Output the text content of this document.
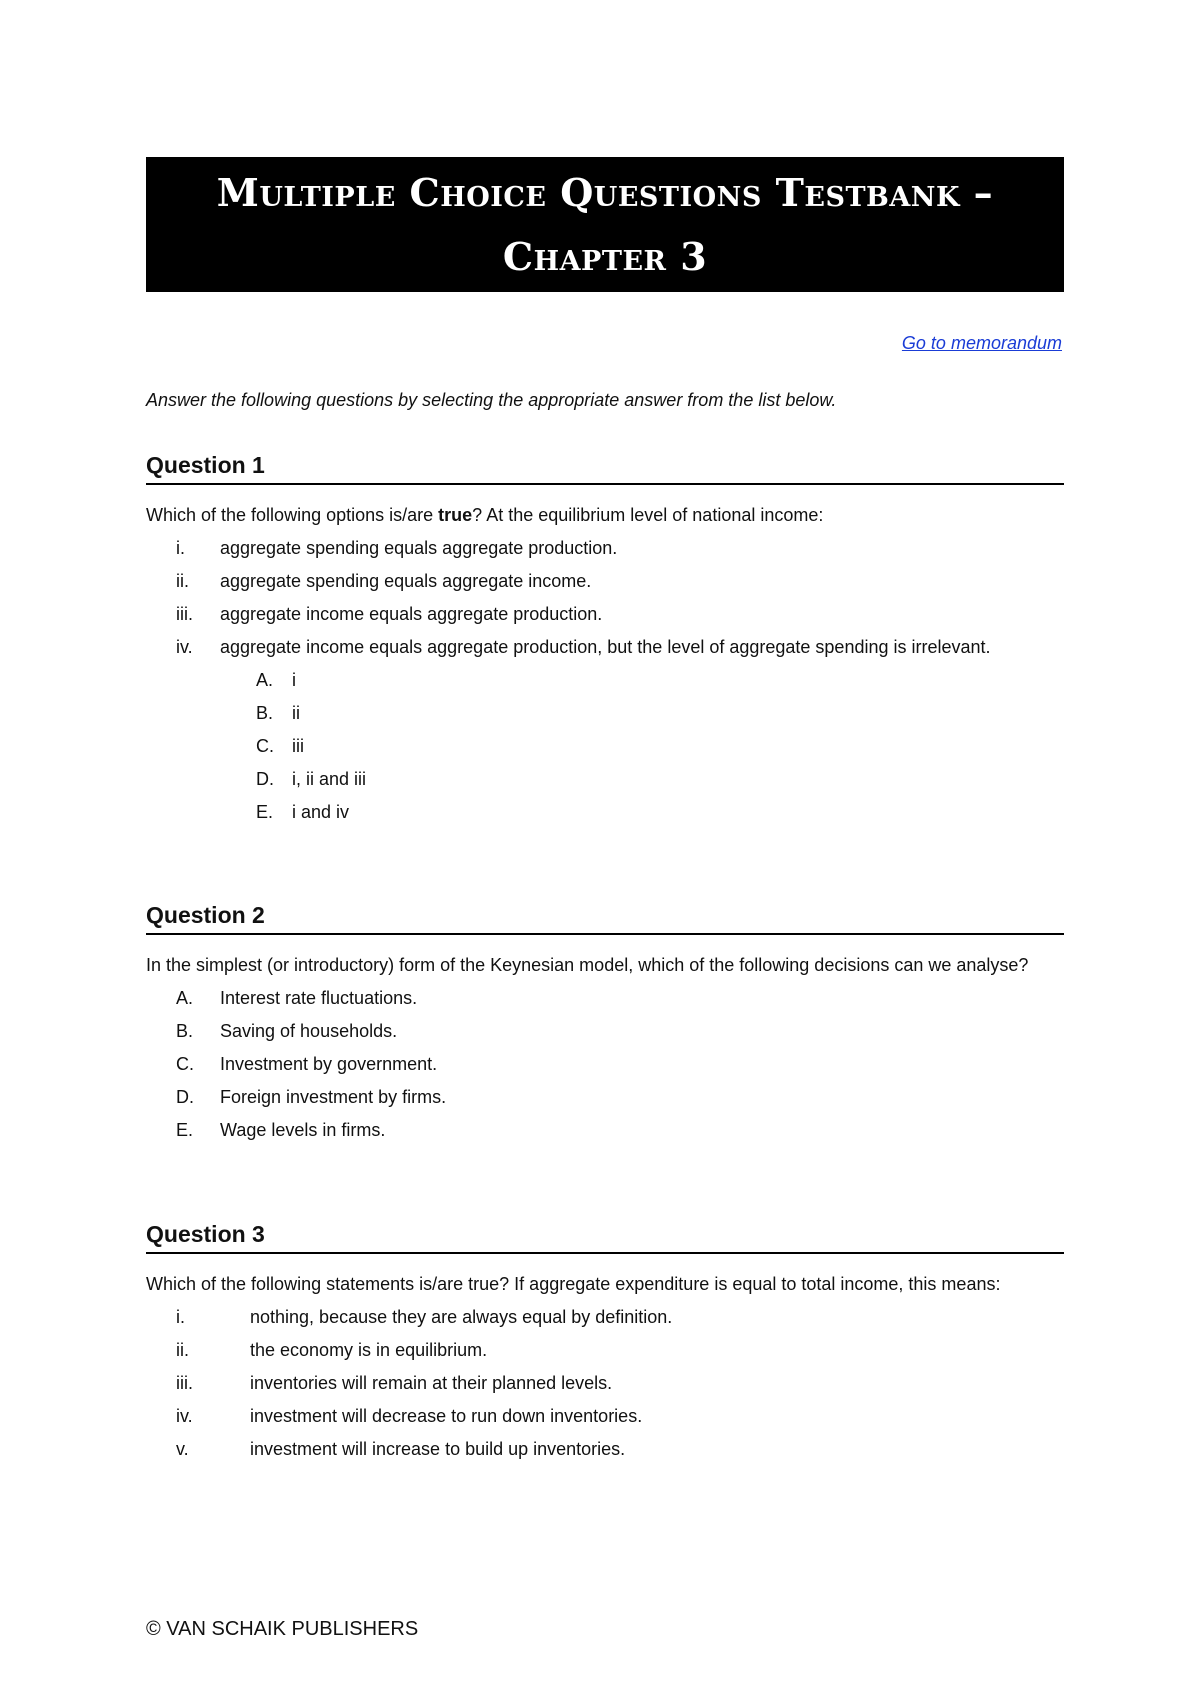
Multiple Choice Questions Testbank –
Chapter 3
Go to memorandum
Answer the following questions by selecting the appropriate answer from the list below.
Question 1
Which of the following options is/are true? At the equilibrium level of national income:
i.	aggregate spending equals aggregate production.
ii.	aggregate spending equals aggregate income.
iii.	aggregate income equals aggregate production.
iv.	aggregate income equals aggregate production, but the level of aggregate spending is irrelevant.
A.	i
B.	ii
C.	iii
D.	i, ii and iii
E.	i and iv
Question 2
In the simplest (or introductory) form of the Keynesian model, which of the following decisions can we analyse?
A.	Interest rate fluctuations.
B.	Saving of households.
C.	Investment by government.
D.	Foreign investment by firms.
E.	Wage levels in firms.
Question 3
Which of the following statements is/are true? If aggregate expenditure is equal to total income, this means:
i.	nothing, because they are always equal by definition.
ii.	the economy is in equilibrium.
iii.	inventories will remain at their planned levels.
iv.	investment will decrease to run down inventories.
v.	investment will increase to build up inventories.
© VAN SCHAIK PUBLISHERS
